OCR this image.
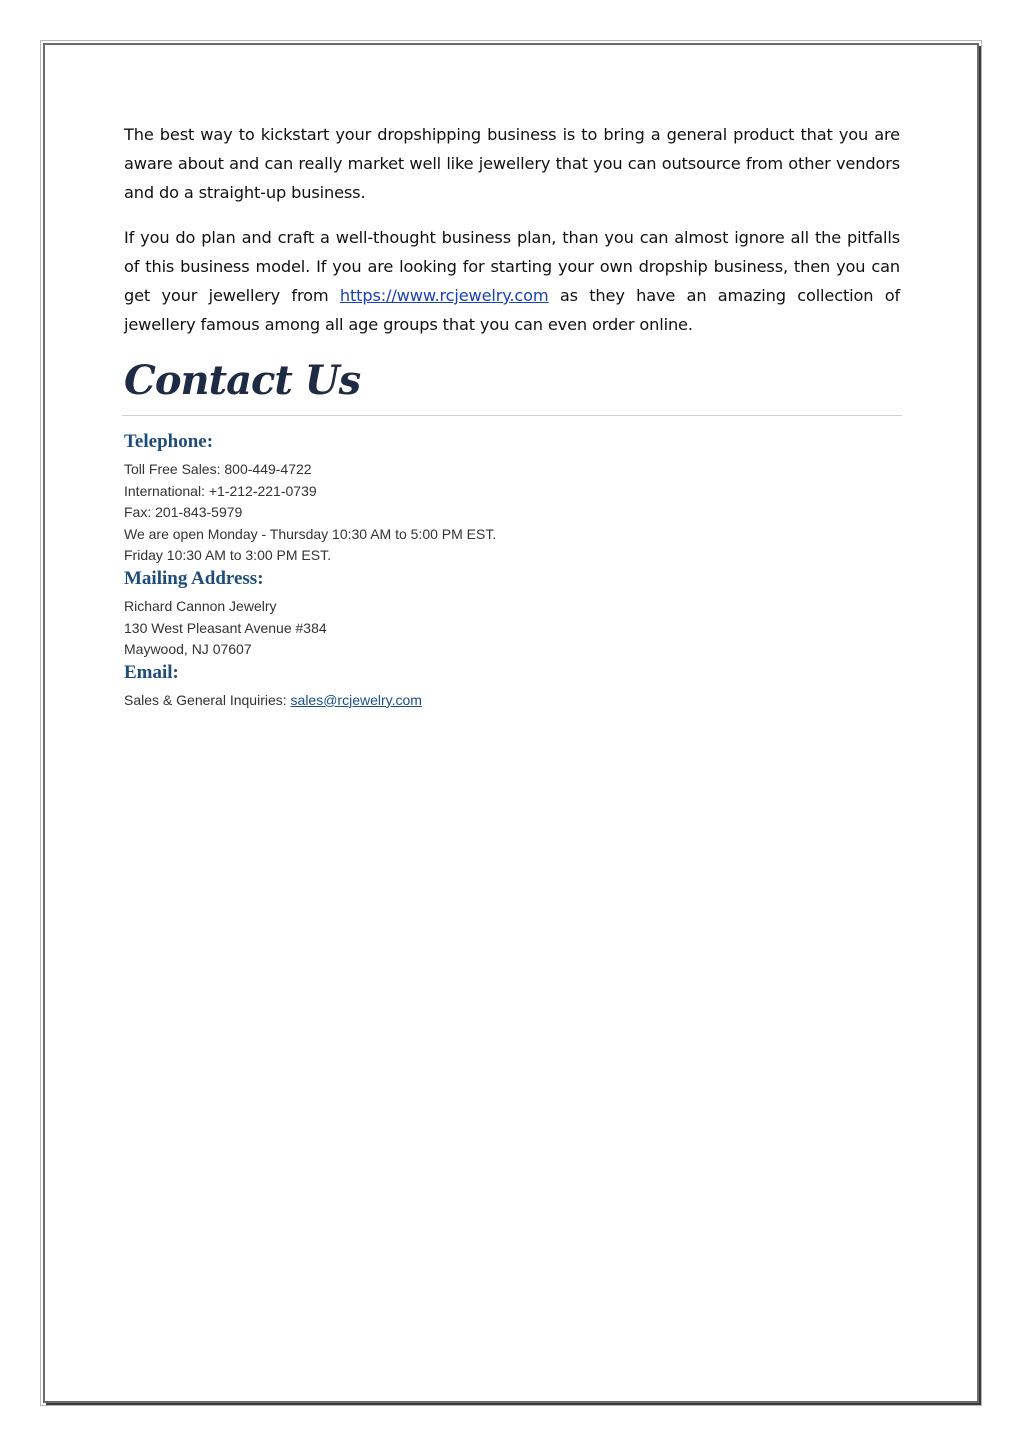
The best way to kickstart your dropshipping business is to bring a general product that you are aware about and can really market well like jewellery that you can outsource from other vendors and do a straight-up business.

If you do plan and craft a well-thought business plan, than you can almost ignore all the pitfalls of this business model. If you are looking for starting your own dropship business, then you can get your jewellery from https://www.rcjewelry.com as they have an amazing collection of jewellery famous among all age groups that you can even order online.

Contact Us
Telephone:

Toll Free Sales: 800-449-4722

International: +1-212-221-0739

Fax: 201-843-5979

We are open Monday - Thursday 10:30 AM to 5:00 PM EST.

Friday 10:30 AM to 3:00 PM EST.

Mailing Address:

Richard Cannon Jewelry

130 West Pleasant Avenue #384

Maywood, NJ 07607

Email:

Sales & General Inquiries: sales@rcjewelry.com
